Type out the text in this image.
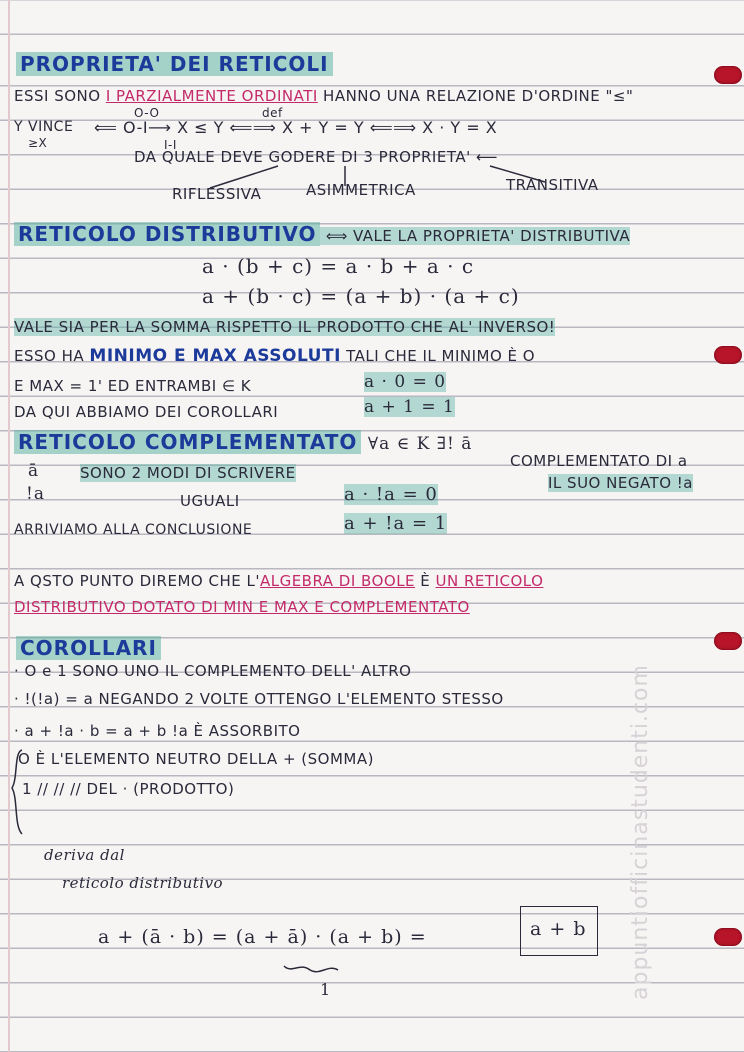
appuntiofficinastudenti.com
PROPRIETA' DEI RETICOLI
ESSI SONO I PARZIALMENTE ORDINATI HANNO UNA RELAZIONE D'ORDINE "≤"
O-O	def
Y VINCE
≥X
⟸ O-I⟶ X ≤ Y ⟸⟹ X + Y = Y ⟸⟹ X · Y = X
I-I
DA QUALE DEVE GODERE DI 3 PROPRIETA' ⟵
RIFLESSIVA	ASIMMETRICA	TRANSITIVA
RETICOLO DISTRIBUTIVO ⟺ VALE LA PROPRIETA' DISTRIBUTIVA
a · (b + c) = a · b + a · c
a + (b · c) = (a + b) · (a + c)
VALE SIA PER LA SOMMA RISPETTO IL PRODOTTO CHE AL' INVERSO!
ESSO HA MINIMO E MAX ASSOLUTI TALI CHE IL MINIMO È O
E MAX = 1' ED ENTRAMBI ∈ K
DA QUI ABBIAMO DEI COROLLARI
a · 0 = 0
a + 1 = 1
RETICOLO COMPLEMENTATO ∀a ∈ K ∃! ā
ā	SONO 2 MODI DI SCRIVERE
COMPLEMENTATO DI a
!a	UGUALI	a · !a = 0
IL SUO NEGATO !a
ARRIVIAMO ALLA CONCLUSIONE	a + !a = 1
A QSTO PUNTO DIREMO CHE L'ALGEBRA DI BOOLE È UN RETICOLO
DISTRIBUTIVO DOTATO DI MIN E MAX E COMPLEMENTATO
COROLLARI
· O e 1 SONO UNO IL COMPLEMENTO DELL' ALTRO
· !(!a) = a NEGANDO 2 VOLTE OTTENGO L'ELEMENTO STESSO
· a + !a · b = a + b !a È ASSORBITO
O È L'ELEMENTO NEUTRO DELLA + (SOMMA)
1 // // // DEL · (PRODOTTO)
deriva dal
reticolo distributivo
a + (ā · b) = (a + ā) · (a + b) =	a + b
1
